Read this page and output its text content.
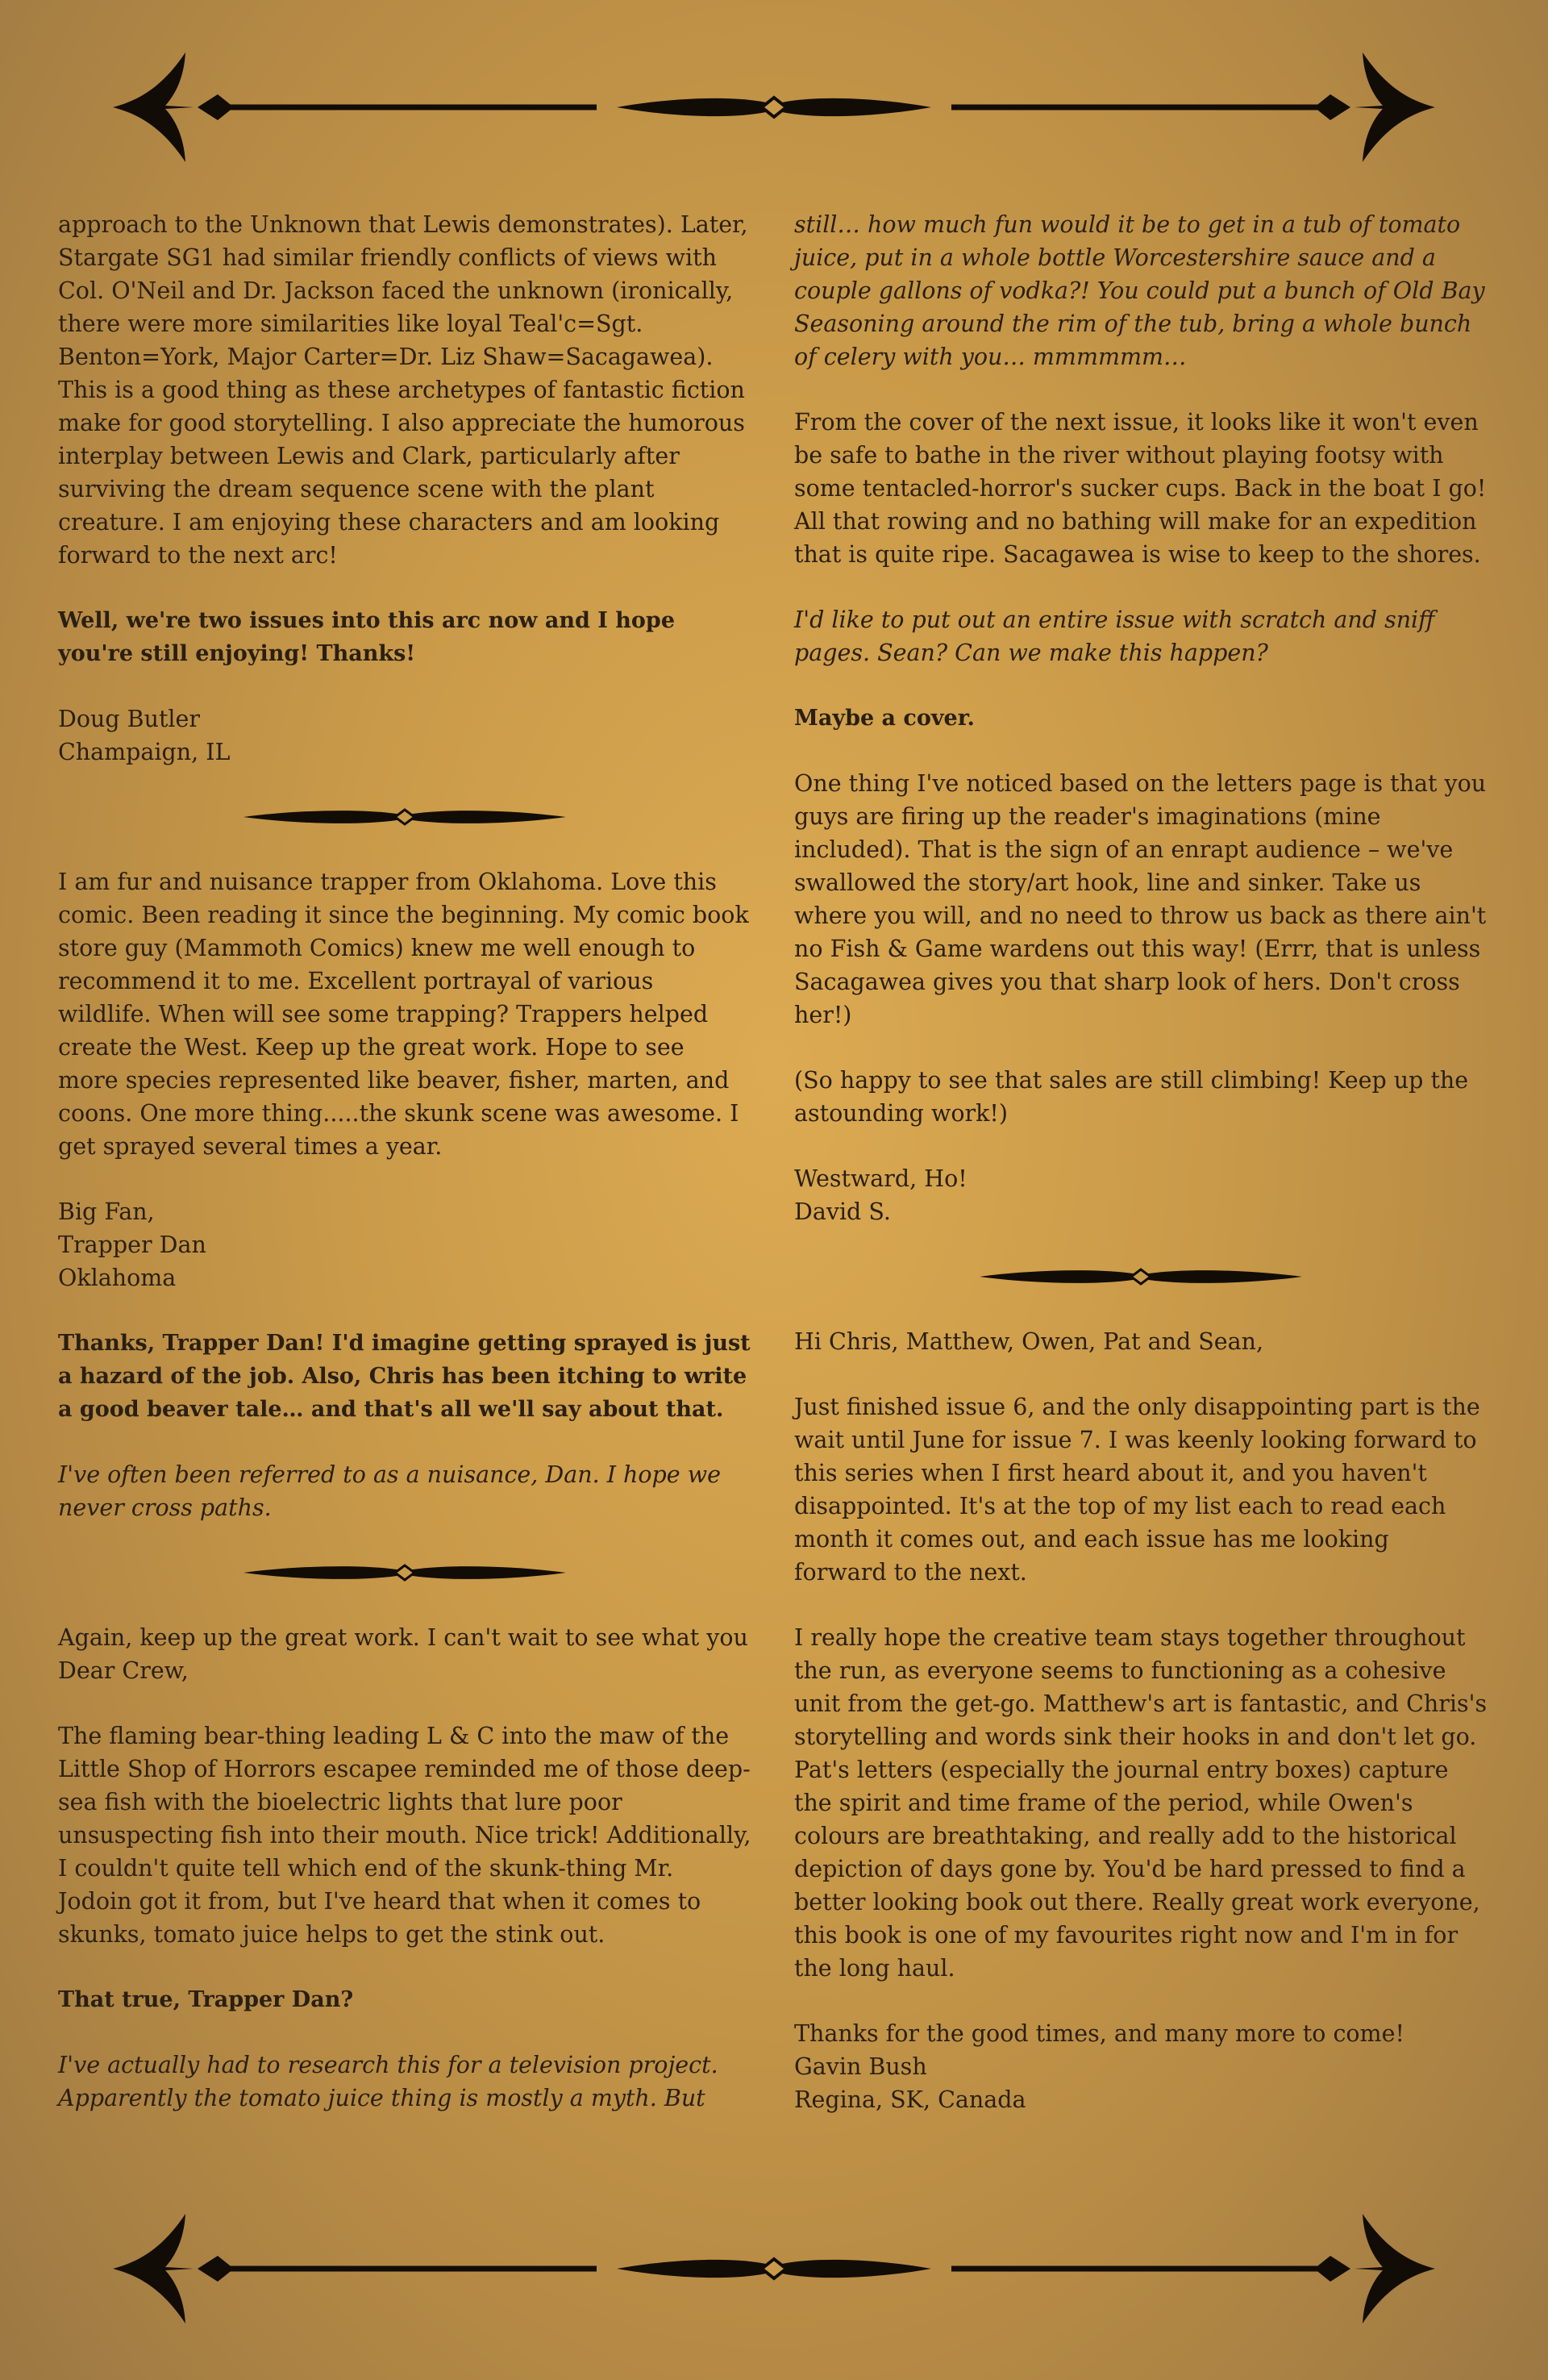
approach to the Unknown that Lewis demonstrates). Later, Stargate SG1 had similar friendly conflicts of views with Col. O'Neil and Dr. Jackson faced the unknown (ironically, there were more similarities like loyal Teal'c=Sgt. Benton=York, Major Carter=Dr. Liz Shaw=Sacagawea). This is a good thing as these archetypes of fantastic fiction make for good storytelling. I also appreciate the humorous interplay between Lewis and Clark, particularly after surviving the dream sequence scene with the plant creature. I am enjoying these characters and am looking forward to the next arc!

Well, we're two issues into this arc now and I hope you're still enjoying! Thanks!

Doug Butler

Champaign, IL

I am fur and nuisance trapper from Oklahoma. Love this comic. Been reading it since the beginning. My comic book store guy (Mammoth Comics) knew me well enough to recommend it to me. Excellent portrayal of various wildlife. When will see some trapping? Trappers helped create the West. Keep up the great work. Hope to see more species represented like beaver, fisher, marten, and coons. One more thing.....the skunk scene was awesome. I get sprayed several times a year.

Big Fan,

Trapper Dan

Oklahoma

Thanks, Trapper Dan! I'd imagine getting sprayed is just a hazard of the job. Also, Chris has been itching to write a good beaver tale… and that's all we'll say about that.

I've often been referred to as a nuisance, Dan. I hope we never cross paths.

Again, keep up the great work. I can't wait to see what you
Dear Crew,

The flaming bear-thing leading L & C into the maw of the Little Shop of Horrors escapee reminded me of those deep-sea fish with the bioelectric lights that lure poor unsuspecting fish into their mouth. Nice trick! Additionally, I couldn't quite tell which end of the skunk-thing Mr. Jodoin got it from, but I've heard that when it comes to skunks, tomato juice helps to get the stink out.

That true, Trapper Dan?

I've actually had to research this for a television project. Apparently the tomato juice thing is mostly a myth. But

still… how much fun would it be to get in a tub of tomato juice, put in a whole bottle Worcestershire sauce and a couple gallons of vodka?! You could put a bunch of Old Bay Seasoning around the rim of the tub, bring a whole bunch of celery with you… mmmmmm…

From the cover of the next issue, it looks like it won't even be safe to bathe in the river without playing footsy with some tentacled-horror's sucker cups. Back in the boat I go! All that rowing and no bathing will make for an expedition that is quite ripe. Sacagawea is wise to keep to the shores.

I'd like to put out an entire issue with scratch and sniff pages. Sean? Can we make this happen?

Maybe a cover.

One thing I've noticed based on the letters page is that you guys are firing up the reader's imaginations (mine included). That is the sign of an enrapt audience – we've swallowed the story/art hook, line and sinker. Take us where you will, and no need to throw us back as there ain't no Fish & Game wardens out this way! (Errr, that is unless Sacagawea gives you that sharp look of hers. Don't cross her!)

(So happy to see that sales are still climbing! Keep up the astounding work!)

Westward, Ho!

David S.

Hi Chris, Matthew, Owen, Pat and Sean,

Just finished issue 6, and the only disappointing part is the wait until June for issue 7. I was keenly looking forward to this series when I first heard about it, and you haven't disappointed. It's at the top of my list each to read each month it comes out, and each issue has me looking forward to the next.

I really hope the creative team stays together throughout the run, as everyone seems to functioning as a cohesive unit from the get-go. Matthew's art is fantastic, and Chris's storytelling and words sink their hooks in and don't let go. Pat's letters (especially the journal entry boxes) capture the spirit and time frame of the period, while Owen's colours are breathtaking, and really add to the historical depiction of days gone by. You'd be hard pressed to find a better looking book out there. Really great work everyone, this book is one of my favourites right now and I'm in for the long haul.

Thanks for the good times, and many more to come!

Gavin Bush

Regina, SK, Canada
